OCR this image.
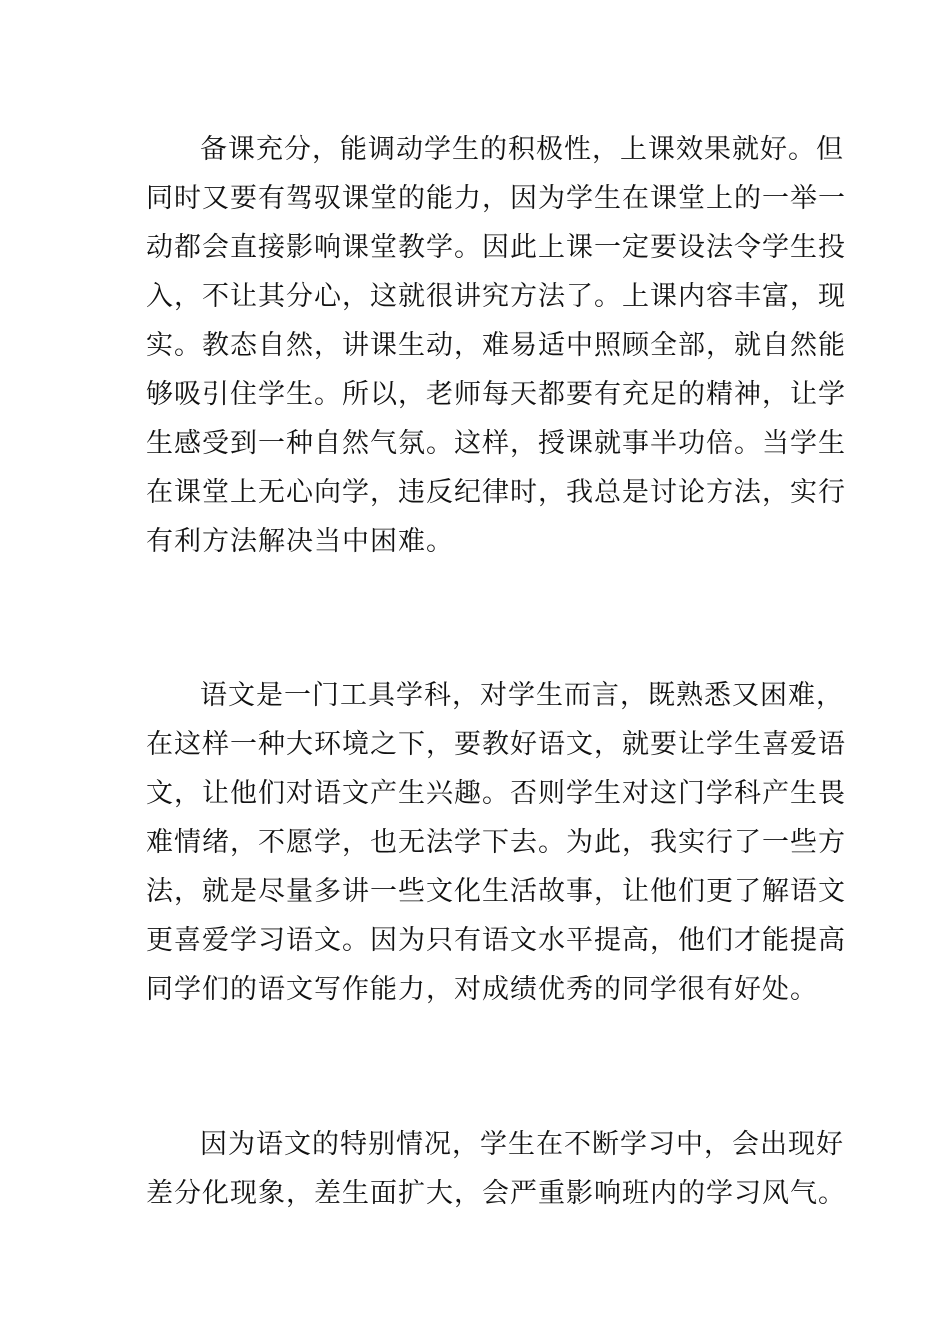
备课充分，能调动学生的积极性，上课效果就好。但
同时又要有驾驭课堂的能力，因为学生在课堂上的一举一
动都会直接影响课堂教学。因此上课一定要设法令学生投
入，不让其分心，这就很讲究方法了。上课内容丰富，现
实。教态自然，讲课生动，难易适中照顾全部，就自然能
够吸引住学生。所以，老师每天都要有充足的精神，让学
生感受到一种自然气氛。这样，授课就事半功倍。当学生
在课堂上无心向学，违反纪律时，我总是讨论方法，实行
有利方法解决当中困难。
语文是一门工具学科，对学生而言，既熟悉又困难，
在这样一种大环境之下，要教好语文，就要让学生喜爱语
文，让他们对语文产生兴趣。否则学生对这门学科产生畏
难情绪，不愿学，也无法学下去。为此，我实行了一些方
法，就是尽量多讲一些文化生活故事，让他们更了解语文
更喜爱学习语文。因为只有语文水平提高，他们才能提高
同学们的语文写作能力，对成绩优秀的同学很有好处。
因为语文的特别情况，学生在不断学习中，会出现好
差分化现象，差生面扩大，会严重影响班内的学习风气。
